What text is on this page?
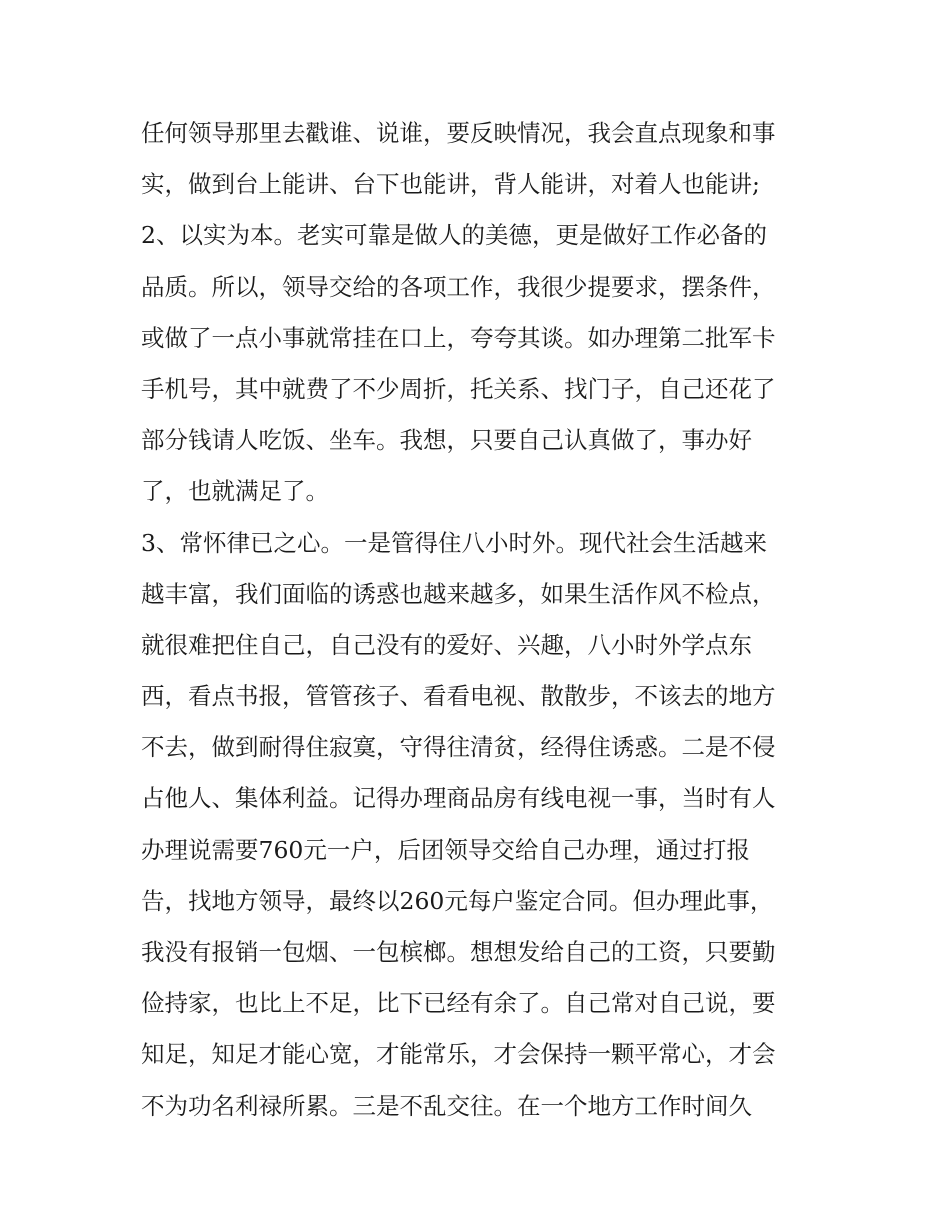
任何领导那里去戳谁、说谁，要反映情况，我会直点现象和事
实，做到台上能讲、台下也能讲，背人能讲，对着人也能讲;
2、以实为本。老实可靠是做人的美德，更是做好工作必备的
品质。所以，领导交给的各项工作，我很少提要求，摆条件，
或做了一点小事就常挂在口上，夸夸其谈。如办理第二批军卡
手机号，其中就费了不少周折，托关系、找门子，自己还花了
部分钱请人吃饭、坐车。我想，只要自己认真做了，事办好
了，也就满足了。
3、常怀律已之心。一是管得住八小时外。现代社会生活越来
越丰富，我们面临的诱惑也越来越多，如果生活作风不检点，
就很难把住自己，自己没有的爱好、兴趣，八小时外学点东
西，看点书报，管管孩子、看看电视、散散步，不该去的地方
不去，做到耐得住寂寞，守得往清贫，经得住诱惑。二是不侵
占他人、集体利益。记得办理商品房有线电视一事，当时有人
办理说需要760元一户，后团领导交给自己办理，通过打报
告，找地方领导，最终以260元每户鉴定合同。但办理此事，
我没有报销一包烟、一包槟榔。想想发给自己的工资，只要勤
俭持家，也比上不足，比下已经有余了。自己常对自己说，要
知足，知足才能心宽，才能常乐，才会保持一颗平常心，才会
不为功名利禄所累。三是不乱交往。在一个地方工作时间久
